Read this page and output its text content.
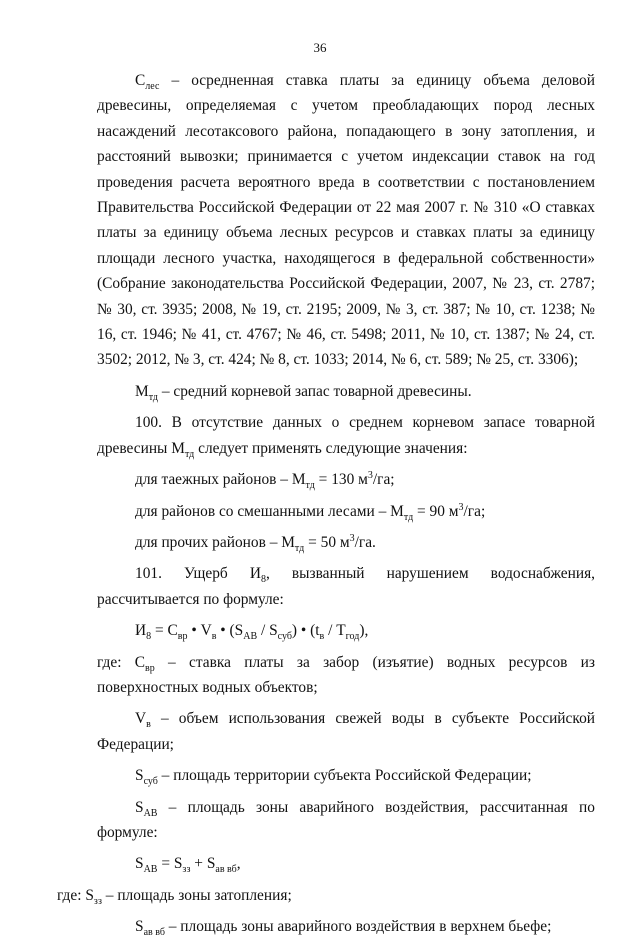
36

$С_{лес}$ – осредненная ставка платы за единицу объема деловой древесины, определяемая с учетом преобладающих пород лесных насаждений лесотаксового района, попадающего в зону затопления, и расстояний вывозки; принимается с учетом индексации ставок на год проведения расчета вероятного вреда в соответствии с постановлением Правительства Российской Федерации от 22 мая 2007 г. № 310 «О ставках платы за единицу объема лесных ресурсов и ставках платы за единицу площади лесного участка, находящегося в федеральной собственности» (Собрание законодательства Российской Федерации, 2007, № 23, ст. 2787; № 30, ст. 3935; 2008, № 19, ст. 2195; 2009, № 3, ст. 387; № 10, ст. 1238; № 16, ст. 1946; № 41, ст. 4767; № 46, ст. 5498; 2011, № 10, ст. 1387; № 24, ст. 3502; 2012, № 3, ст. 424; № 8, ст. 1033; 2014, № 6, ст. 589; № 25, ст. 3306);

$М_{тд}$ – средний корневой запас товарной древесины.

100. В отсутствие данных о среднем корневом запасе товарной древесины $М_{тд}$ следует применять следующие значения:

для таежных районов – $М_{тд} = 130$ $м^3/га$;

для районов со смешанными лесами – $М_{тд} = 90$ $м^3/га$;

для прочих районов – $М_{тд} = 50$ $м^3/га$.

101. Ущерб $И_8$, вызванный нарушением водоснабжения, рассчитывается по формуле:

$И_8 = С_{вр}$ • $V_в$ • $(S_{АВ} / S_{суб})$ • $(t_в / T_{год})$,

где: $С_{вр}$ – ставка платы за забор (изъятие) водных ресурсов из поверхностных водных объектов;

$V_в$ – объем использования свежей воды в субъекте Российской Федерации;

$S_{суб}$ – площадь территории субъекта Российской Федерации;

$S_{АВ}$ – площадь зоны аварийного воздействия, рассчитанная по формуле:

$S_{АВ} = S_{зз} + S_{ав вб}$,

где: $S_{зз}$ – площадь зоны затопления;

$S_{ав вб}$ – площадь зоны аварийного воздействия в верхнем бьефе;
